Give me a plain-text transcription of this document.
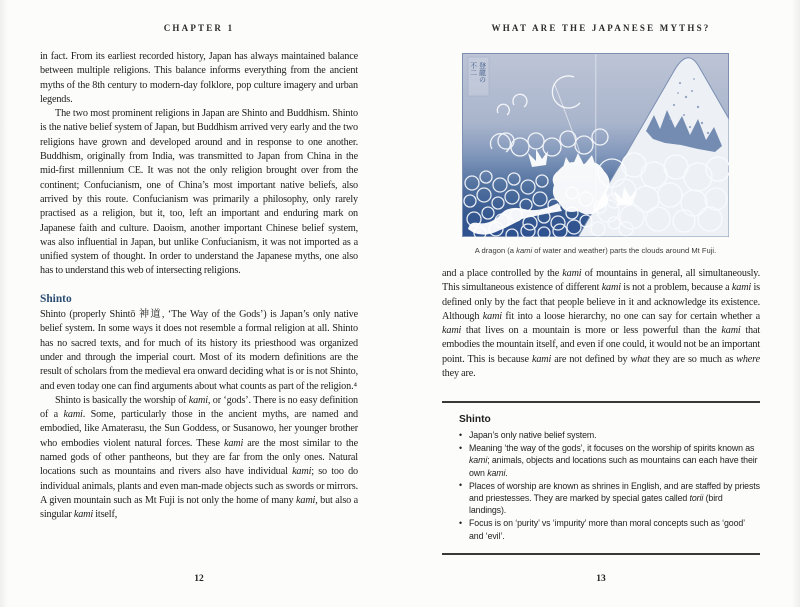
CHAPTER 1

in fact. From its earliest recorded history, Japan has always maintained balance between multiple religions. This balance informs everything from the ancient myths of the 8th century to modern-day folklore, pop culture imagery and urban legends.

The two most prominent religions in Japan are Shinto and Buddhism. Shinto is the native belief system of Japan, but Buddhism arrived very early and the two religions have grown and developed around and in response to one another. Buddhism, originally from India, was transmitted to Japan from China in the mid-first millennium CE. It was not the only religion brought over from the continent; Confucianism, one of China’s most important native beliefs, also arrived by this route. Confucianism was primarily a philosophy, only rarely practised as a religion, but it, too, left an important and enduring mark on Japanese faith and culture. Daoism, another important Chinese belief system, was also influential in Japan, but unlike Confucianism, it was not imported as a unified system of thought. In order to understand the Japanese myths, one also has to understand this web of intersecting religions.

Shinto

Shinto (properly Shintō 神道, ‘The Way of the Gods’) is Japan’s only native belief system. In some ways it does not resemble a formal religion at all. Shinto has no sacred texts, and for much of its history its priesthood was organized under and through the imperial court. Most of its modern definitions are the result of scholars from the medieval era onward deciding what is or is not Shinto, and even today one can find arguments about what counts as part of the religion.⁴

Shinto is basically the worship of kami, or ‘gods’. There is no easy definition of a kami. Some, particularly those in the ancient myths, are named and embodied, like Amaterasu, the Sun Goddess, or Susanowo, her younger brother who embodies violent natural forces. These kami are the most similar to the named gods of other pantheons, but they are far from the only ones. Natural locations such as mountains and rivers also have individual kami; so too do individual animals, plants and even man-made objects such as swords or mirrors. A given mountain such as Mt Fuji is not only the home of many kami, but also a singular kami itself,

12
WHAT ARE THE JAPANESE MYTHS?
登龍の
不二
A dragon (a kami of water and weather) parts the clouds around Mt Fuji.

and a place controlled by the kami of mountains in general, all simultaneously. This simultaneous existence of different kami is not a problem, because a kami is defined only by the fact that people believe in it and acknowledge its existence. Although kami fit into a loose hierarchy, no one can say for certain whether a kami that lives on a mountain is more or less powerful than the kami that embodies the mountain itself, and even if one could, it would not be an important point. This is because kami are not defined by what they are so much as where they are.

Shinto
• Japan’s only native belief system.
• Meaning ‘the way of the gods’, it focuses on the worship of spirits known as kami; animals, objects and locations such as mountains can each have their own kami.
• Places of worship are known as shrines in English, and are staffed by priests and priestesses. They are marked by special gates called torii (bird landings).
• Focus is on ‘purity’ vs ‘impurity’ more than moral concepts such as ‘good’ and ‘evil’.
13
